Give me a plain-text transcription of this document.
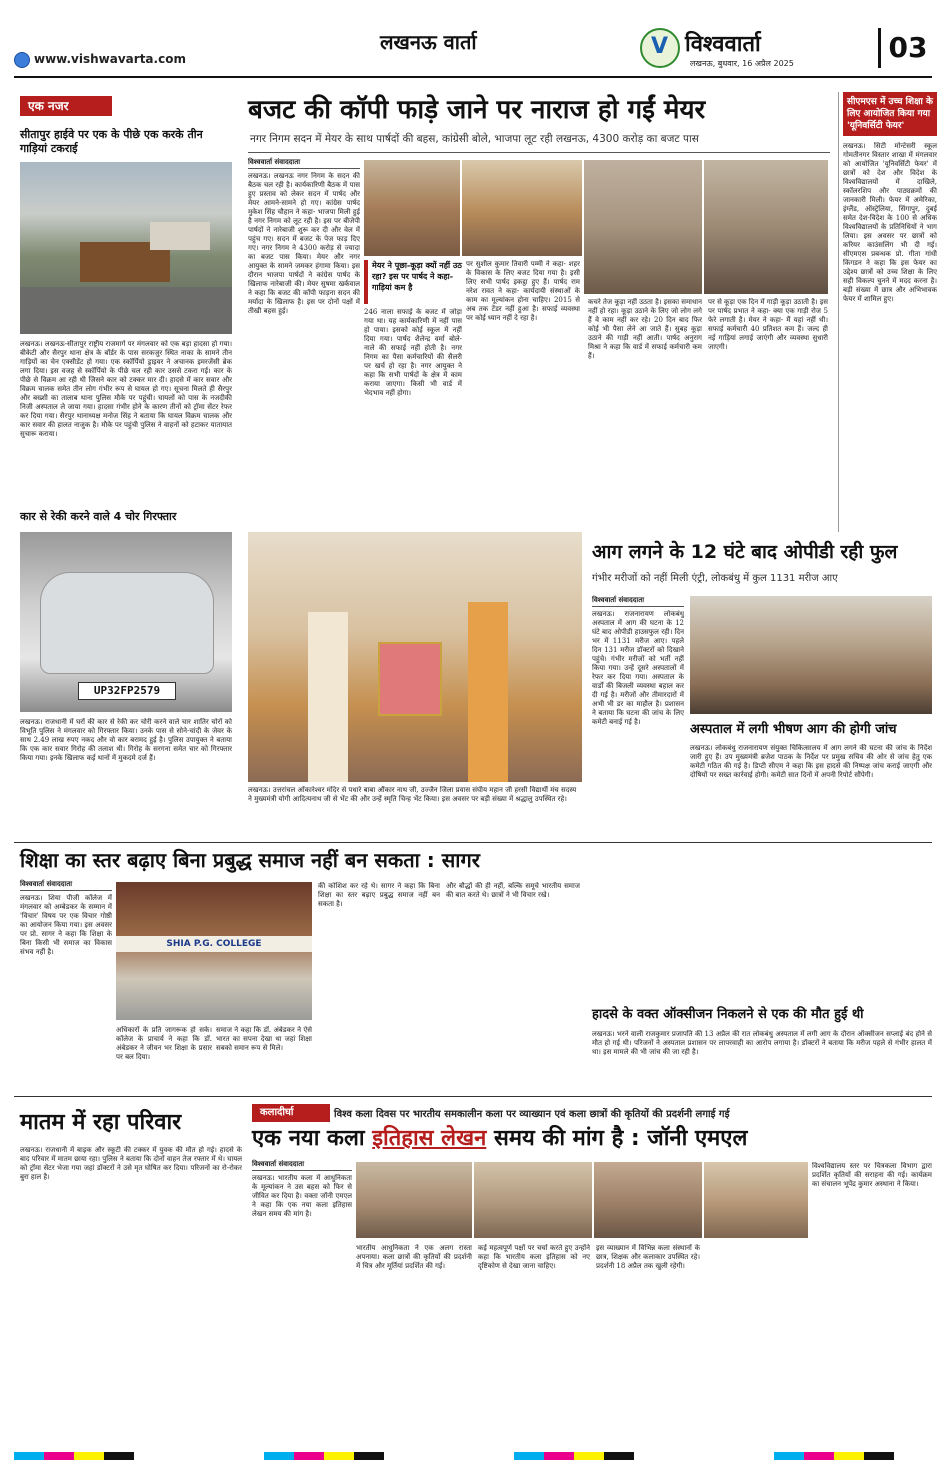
लखनऊ वार्ता
www.vishwavarta.com	V विश्ववार्ता
लखनऊ, बुधवार, 16 अप्रैल 2025	03
एक नजर
सीतापुर हाईवे पर एक के पीछे एक करके तीन गाड़ियां टकराई
लखनऊ। लखनऊ-सीतापुर राष्ट्रीय राजमार्ग पर मंगलवार को एक बड़ा हादसा हो गया। बीकेटी और सैरपुर थाना क्षेत्र के बॉर्डर के पास सरकजुर स्थित नाका के सामने तीन गाड़ियों का चेन एक्सीडेंट हो गया। एक स्कॉर्पियो ड्राइवर ने अचानक इमरजेंसी ब्रेक लगा दिया। इस वजह से स्कॉर्पियो के पीछे चल रही कार उससे टकरा गई। कार के पीछे से विक्रम आ रही थी जिसने कार को टक्कर मार दी। हादसे में कार सवार और विक्रम चालक समेत तीन लोग गंभीर रूप से घायल हो गए। सूचना मिलते ही सैरपुर और बख्शी का तालाब थाना पुलिस मौके पर पहुंची। घायलों को पास के नजदीकी निजी अस्पताल ले जाया गया। हादसा गंभीर होने के कारण तीनों को ट्रॉमा सेंटर रेफर कर दिया गया। सैरपुर थानाध्यक्ष मनोज सिंह ने बताया कि घायल विक्रम चालक और कार सवार की हालत नाजुक है। मौके पर पहुंची पुलिस ने वाहनों को हटाकर यातायात सुचारू कराया।
कार से रेकी करने वाले 4 चोर गिरफ्तार
UP32FP2579
लखनऊ। राजधानी में घरों की कार से रेकी कर चोरी करने वाले चार शातिर चोरों को विभूति पुलिस ने मंगलवार को गिरफ्तार किया। उनके पास से सोने-चांदी के जेवर के साथ 2.49 लाख रुपए नकद और वो कार बरामद हुई है। पुलिस उपायुक्त ने बताया कि एक कार सवार गिरोह की तलाश थी। गिरोह के सरगना समेत चार को गिरफ्तार किया गया। इनके खिलाफ कई थानों में मुकदमे दर्ज हैं।
बजट की कॉपी फाड़े जाने पर नाराज हो गईं मेयर
नगर निगम सदन में मेयर के साथ पार्षदों की बहस, कांग्रेसी बोले, भाजपा लूट रही लखनऊ, 4300 करोड़ का बजट पास
विश्ववार्ता संवाददाता
लखनऊ। लखनऊ नगर निगम के सदन की बैठक चल रही है। कार्यकारिणी बैठक में पास हुए प्रस्ताव को लेकर सदन में पार्षद और मेयर आमने-सामने हो गए। कांग्रेस पार्षद मुकेश सिंह चौहान ने कहा- भाजपा मिली हुई है नगर निगम को लूट रही है। इस पर बीजेपी पार्षदों ने नारेबाजी शुरू कर दी और वेल में पहुंच गए। सदन में बजट के पेज फाड़ दिए गए। नगर निगम ने 4300 करोड़ से ज्यादा का बजट पास किया। मेयर और नगर आयुक्त के सामने जमकर हंगामा किया। इस दौरान भाजपा पार्षदों ने कांग्रेस पार्षद के खिलाफ नारेबाजी की। मेयर सुषमा खर्कवाल ने कहा कि बजट की कॉपी फाड़ना सदन की मर्यादा के खिलाफ है। इस पर दोनों पक्षों में तीखी बहस हुई।
मेयर ने पूछा-कूड़ा क्यों नहीं उठ रहा? इस पर पार्षद ने कहा-गाड़ियां कम है
246 नाला सफाई के बजट में जोड़ा गया था। यह कार्यकारिणी में नहीं पास हो पाया। इसको कोई स्कूल में नहीं दिया गया। पार्षद शैलेन्द्र वर्मा बोले- नाले की सफाई नहीं होती है। नगर निगम का पैसा कर्मचारियों की सैलरी पर खर्च हो रहा है। नगर आयुक्त ने कहा कि सभी पार्षदों के क्षेत्र में काम कराया जाएगा। किसी भी वार्ड में भेदभाव नहीं होगा।
पर सुशील कुमार तिवारी पम्मी ने कहा- शहर के विकास के लिए बजट दिया गया है। इसी लिए सभी पार्षद इकट्ठा हुए हैं। पार्षद राम नरेश रावत ने कहा- कार्यदायी संस्थाओं के काम का मूल्यांकन होना चाहिए। 2015 से अब तक टेंडर नहीं हुआ है। सफाई व्यवस्था पर कोई ध्यान नहीं दे रहा है।
कचरे तेज कूड़ा नहीं उठता है। इसका समाधान नहीं हो रहा। कूड़ा उठाने के लिए जो लोग लगे हैं वे काम नहीं कर रहे। 20 दिन बाद फिर कोई भी पैसा लेने आ जाते हैं। सुबह कूड़ा उठाने की गाड़ी नहीं आती। पार्षद अनुराग मिश्रा ने कहा कि वार्ड में सफाई कर्मचारी कम हैं।
पर से कूड़ा एक दिन में गाड़ी कूड़ा उठाती है। इस पर पार्षद प्रभात ने कहा- क्या एक गाड़ी रोज 5 फेरे लगाती है। मेयर ने कहा- मैं यहां नहीं थी। सफाई कर्मचारी 40 प्रतिशत कम हैं। जल्द ही नई गाड़ियां लगाई जाएंगी और व्यवस्था सुधारी जाएगी।
सीएमएस में उच्च शिक्षा के लिए आयोजित किया गया 'यूनिवर्सिटी फेयर'
लखनऊ। सिटी मोन्टेसरी स्कूल गोमतीनगर विस्तार शाखा में मंगलवार को आयोजित 'यूनिवर्सिटी फेयर' में छात्रों को देश और विदेश के विश्वविद्यालयों में दाखिले, स्कॉलरशिप और पाठ्यक्रमों की जानकारी मिली। फेयर में अमेरिका, इंग्लैंड, ऑस्ट्रेलिया, सिंगापुर, दुबई समेत देश-विदेश के 100 से अधिक विश्वविद्यालयों के प्रतिनिधियों ने भाग लिया। इस अवसर पर छात्रों को करियर काउंसलिंग भी दी गई। सीएमएस प्रबन्धक प्रो. गीता गांधी किंगडन ने कहा कि इस फेयर का उद्देश्य छात्रों को उच्च शिक्षा के लिए सही विकल्प चुनने में मदद करना है। बड़ी संख्या में छात्र और अभिभावक फेयर में शामिल हुए।
लखनऊ। उत्तरांचल ओंकारेश्वर मंदिर से पधारे बाबा औंकार नाथ जी, उज्जैन जिला प्रवास संघीय महान जी हरसी विद्यार्थी मंच सदस्य ने मुख्यमंत्री योगी आदित्यनाथ जी से भेंट की और उन्हें स्मृति चिन्ह भेंट किया। इस अवसर पर बड़ी संख्या में श्रद्धालु उपस्थित रहे।
आग लगने के 12 घंटे बाद ओपीडी रही फुल
गंभीर मरीजों को नहीं मिली एंट्री, लोकबंधु में कुल 1131 मरीज आए
विश्ववार्ता संवाददाता
लखनऊ। राजनारायण लोकबंधु अस्पताल में आग की घटना के 12 घंटे बाद ओपीडी हाउसफुल रही। दिन भर में 1131 मरीज आए। पहले दिन 131 मरीज डॉक्टरों को दिखाने पहुंचे। गंभीर मरीजों को भर्ती नहीं किया गया। उन्हें दूसरे अस्पतालों में रेफर कर दिया गया। अस्पताल के वार्डों की बिजली व्यवस्था बहाल कर दी गई है। मरीजों और तीमारदारों में अभी भी डर का माहौल है। प्रशासन ने बताया कि घटना की जांच के लिए कमेटी बनाई गई है।	अस्पताल में लगी भीषण आग की होगी जांच
लखनऊ। लोकबंधु राजनारायण संयुक्त चिकित्सालय में आग लगने की घटना की जांच के निर्देश जारी हुए हैं। उप मुख्यमंत्री ब्रजेश पाठक के निर्देश पर प्रमुख सचिव की ओर से जांच हेतु एक कमेटी गठित की गई है। डिप्टी सीएम ने कहा कि इस हादसे की निष्पक्ष जांच कराई जाएगी और दोषियों पर सख्त कार्रवाई होगी। कमेटी सात दिनों में अपनी रिपोर्ट सौंपेगी।
शिक्षा का स्तर बढ़ाए बिना प्रबुद्ध समाज नहीं बन सकता : सागर
विश्ववार्ता संवाददाता
लखनऊ। शिया पीजी कॉलेज में मंगलवार को अम्बेडकर के सम्मान में 'विचार' विषय पर एक विचार गोष्ठी का आयोजन किया गया। इस अवसर पर प्रो. सागर ने कहा कि शिक्षा के बिना किसी भी समाज का विकास संभव नहीं है।
SHIA P.G. COLLEGE
अधिकारों के प्रति जागरूक हो सके। कॉलेज के प्राचार्य ने कहा कि डॉ. अंबेडकर ने जीवन भर शिक्षा के प्रसार पर बल दिया।
समाज ने कहा कि डॉ. अंबेडकर ने ऐसे भारत का सपना देखा था जहां शिक्षा सबको समान रूप से मिले।
की कोशिश कर रहे थे। सागर ने कहा कि बिना शिक्षा का स्तर बढ़ाए प्रबुद्ध समाज नहीं बन सकता है।
और बौद्धों की ही नहीं, बल्कि समूचे भारतीय समाज की बात करते थे। छात्रों ने भी विचार रखे।
हादसे के वक्त ऑक्सीजन निकलने से एक की मौत हुई थी
लखनऊ। भरने वाली राजकुमार प्रजापति की 13 अप्रैल की रात लोकबंधु अस्पताल में लगी आग के दौरान ऑक्सीजन सप्लाई बंद होने से मौत हो गई थी। परिजनों ने अस्पताल प्रशासन पर लापरवाही का आरोप लगाया है। डॉक्टरों ने बताया कि मरीज पहले से गंभीर हालत में था। इस मामले की भी जांच की जा रही है।
मातम में रहा परिवार
लखनऊ। राजधानी में बाइक और स्कूटी की टक्कर में युवक की मौत हो गई। हादसे के बाद परिवार में मातम छाया रहा। पुलिस ने बताया कि दोनों वाहन तेज रफ्तार में थे। घायल को ट्रॉमा सेंटर भेजा गया जहां डॉक्टरों ने उसे मृत घोषित कर दिया। परिजनों का रो-रोकर बुरा हाल है।
कलादीर्घा	विश्व कला दिवस पर भारतीय समकालीन कला पर व्याख्यान एवं कला छात्रों की कृतियों की प्रदर्शनी लगाई गई
एक नया कला इतिहास लेखन समय की मांग है : जॉनी एमएल
विश्ववार्ता संवाददाता
लखनऊ। भारतीय कला में आधुनिकता के मूल्यांकन ने उस बहस को फिर से जीवित कर दिया है। वक्ता जॉनी एमएल ने कहा कि एक नया कला इतिहास लेखन समय की मांग है।
भारतीय आधुनिकता ने एक अलग रास्ता अपनाया। कला छात्रों की कृतियों की प्रदर्शनी में चित्र और मूर्तियां प्रदर्शित की गईं।
कई महत्वपूर्ण पक्षों पर चर्चा करते हुए उन्होंने कहा कि भारतीय कला इतिहास को नए दृष्टिकोण से देखा जाना चाहिए।
इस व्याख्यान में विभिन्न कला संस्थानों के छात्र, शिक्षक और कलाकार उपस्थित रहे। प्रदर्शनी 18 अप्रैल तक खुली रहेगी।
विश्वविद्यालय स्तर पर चित्रकला विभाग द्वारा प्रदर्शित कृतियों की सराहना की गई। कार्यक्रम का संचालन भूपेंद्र कुमार अस्थाना ने किया।
